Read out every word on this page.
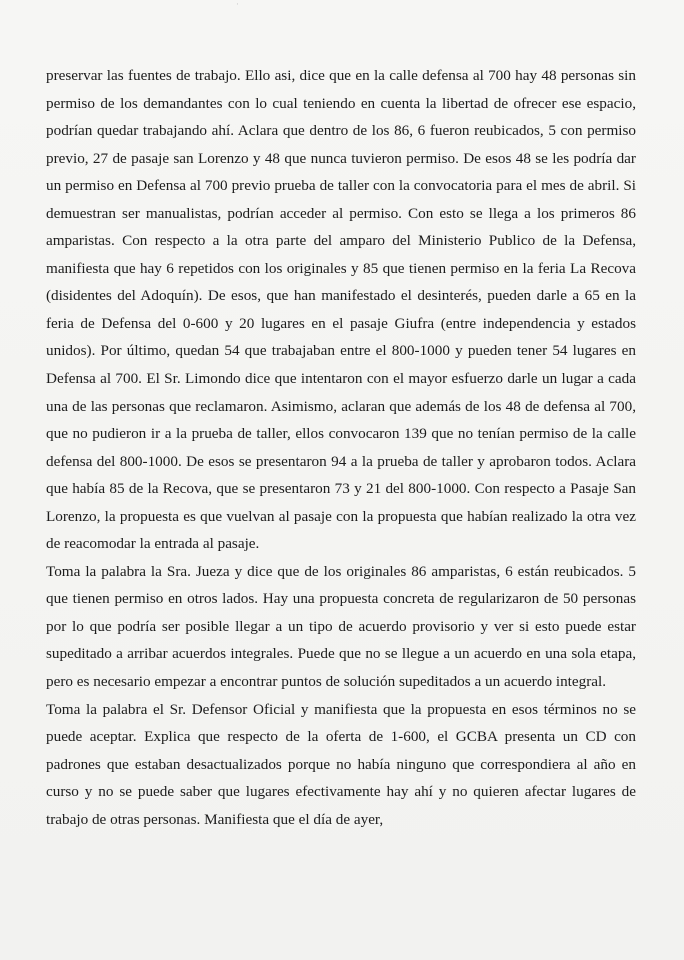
·

preservar las fuentes de trabajo. Ello asi, dice que en la calle defensa al 700 hay 48 personas sin permiso de los demandantes con lo cual teniendo en cuenta la libertad de ofrecer ese espacio, podrían quedar trabajando ahí. Aclara que dentro de los 86, 6 fueron reubicados, 5 con permiso previo, 27 de pasaje san Lorenzo y 48 que nunca tuvieron permiso. De esos 48 se les podría dar un permiso en Defensa al 700 previo prueba de taller con la convocatoria para el mes de abril. Si demuestran ser manualistas, podrían acceder al permiso. Con esto se llega a los primeros 86 amparistas. Con respecto a la otra parte del amparo del Ministerio Publico de la Defensa, manifiesta que hay 6 repetidos con los originales y 85 que tienen permiso en la feria La Recova (disidentes del Adoquín). De esos, que han manifestado el desinterés, pueden darle a 65 en la feria de Defensa del 0-600 y 20 lugares en el pasaje Giufra (entre independencia y estados unidos). Por último, quedan 54 que trabajaban entre el 800-1000 y pueden tener 54 lugares en Defensa al 700. El Sr. Limondo dice que intentaron con el mayor esfuerzo darle un lugar a cada una de las personas que reclamaron. Asimismo, aclaran que además de los 48 de defensa al 700, que no pudieron ir a la prueba de taller, ellos convocaron 139 que no tenían permiso de la calle defensa del 800-1000. De esos se presentaron 94 a la prueba de taller y aprobaron todos. Aclara que había 85 de la Recova, que se presentaron 73 y 21 del 800-1000. Con respecto a Pasaje San Lorenzo, la propuesta es que vuelvan al pasaje con la propuesta que habían realizado la otra vez de reacomodar la entrada al pasaje.

Toma la palabra la Sra. Jueza y dice que de los originales 86 amparistas, 6 están reubicados. 5 que tienen permiso en otros lados. Hay una propuesta concreta de regularizaron de 50 personas por lo que podría ser posible llegar a un tipo de acuerdo provisorio y ver si esto puede estar supeditado a arribar acuerdos integrales. Puede que no se llegue a un acuerdo en una sola etapa, pero es necesario empezar a encontrar puntos de solución supeditados a un acuerdo integral.

Toma la palabra el Sr. Defensor Oficial y manifiesta que la propuesta en esos términos no se puede aceptar. Explica que respecto de la oferta de 1-600, el GCBA presenta un CD con padrones que estaban desactualizados porque no había ninguno que correspondiera al año en curso y no se puede saber que lugares efectivamente hay ahí y no quieren afectar lugares de trabajo de otras personas. Manifiesta que el día de ayer,
